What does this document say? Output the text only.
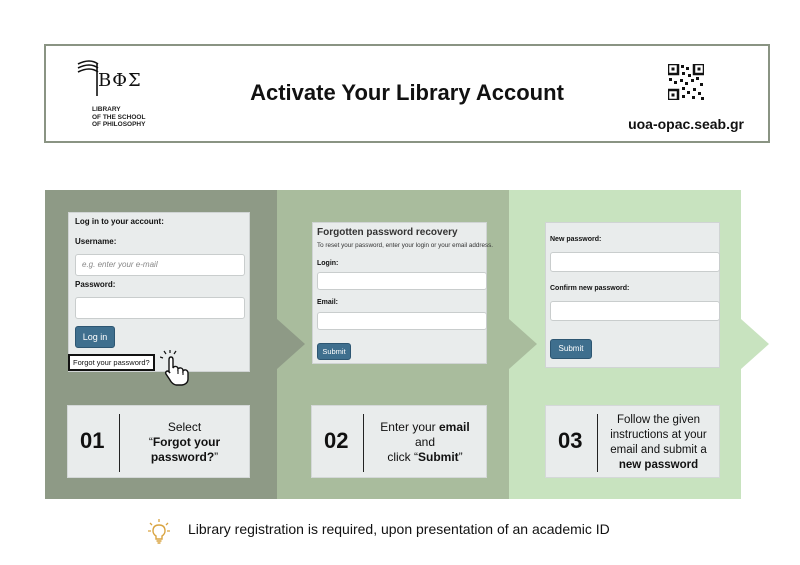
ΒΦΣ
LIBRARY
OF THE SCHOOL
OF PHILOSOPHY
Activate Your Library Account
uoa-opac.seab.gr
Log in to your account:
Username:
e.g. enter your e-mail
Password:
Log in
Forgot your password?
Forgotten password recovery
To reset your password, enter your login or your email address.
Login:
Email:
Submit
New password:
Confirm new password:
Submit
01
Select
“Forgot your password?”
02
Enter your email
and
click “Submit”
03
Follow the given instructions at your email and submit a
new password
Library registration is required, upon presentation of an academic ID
